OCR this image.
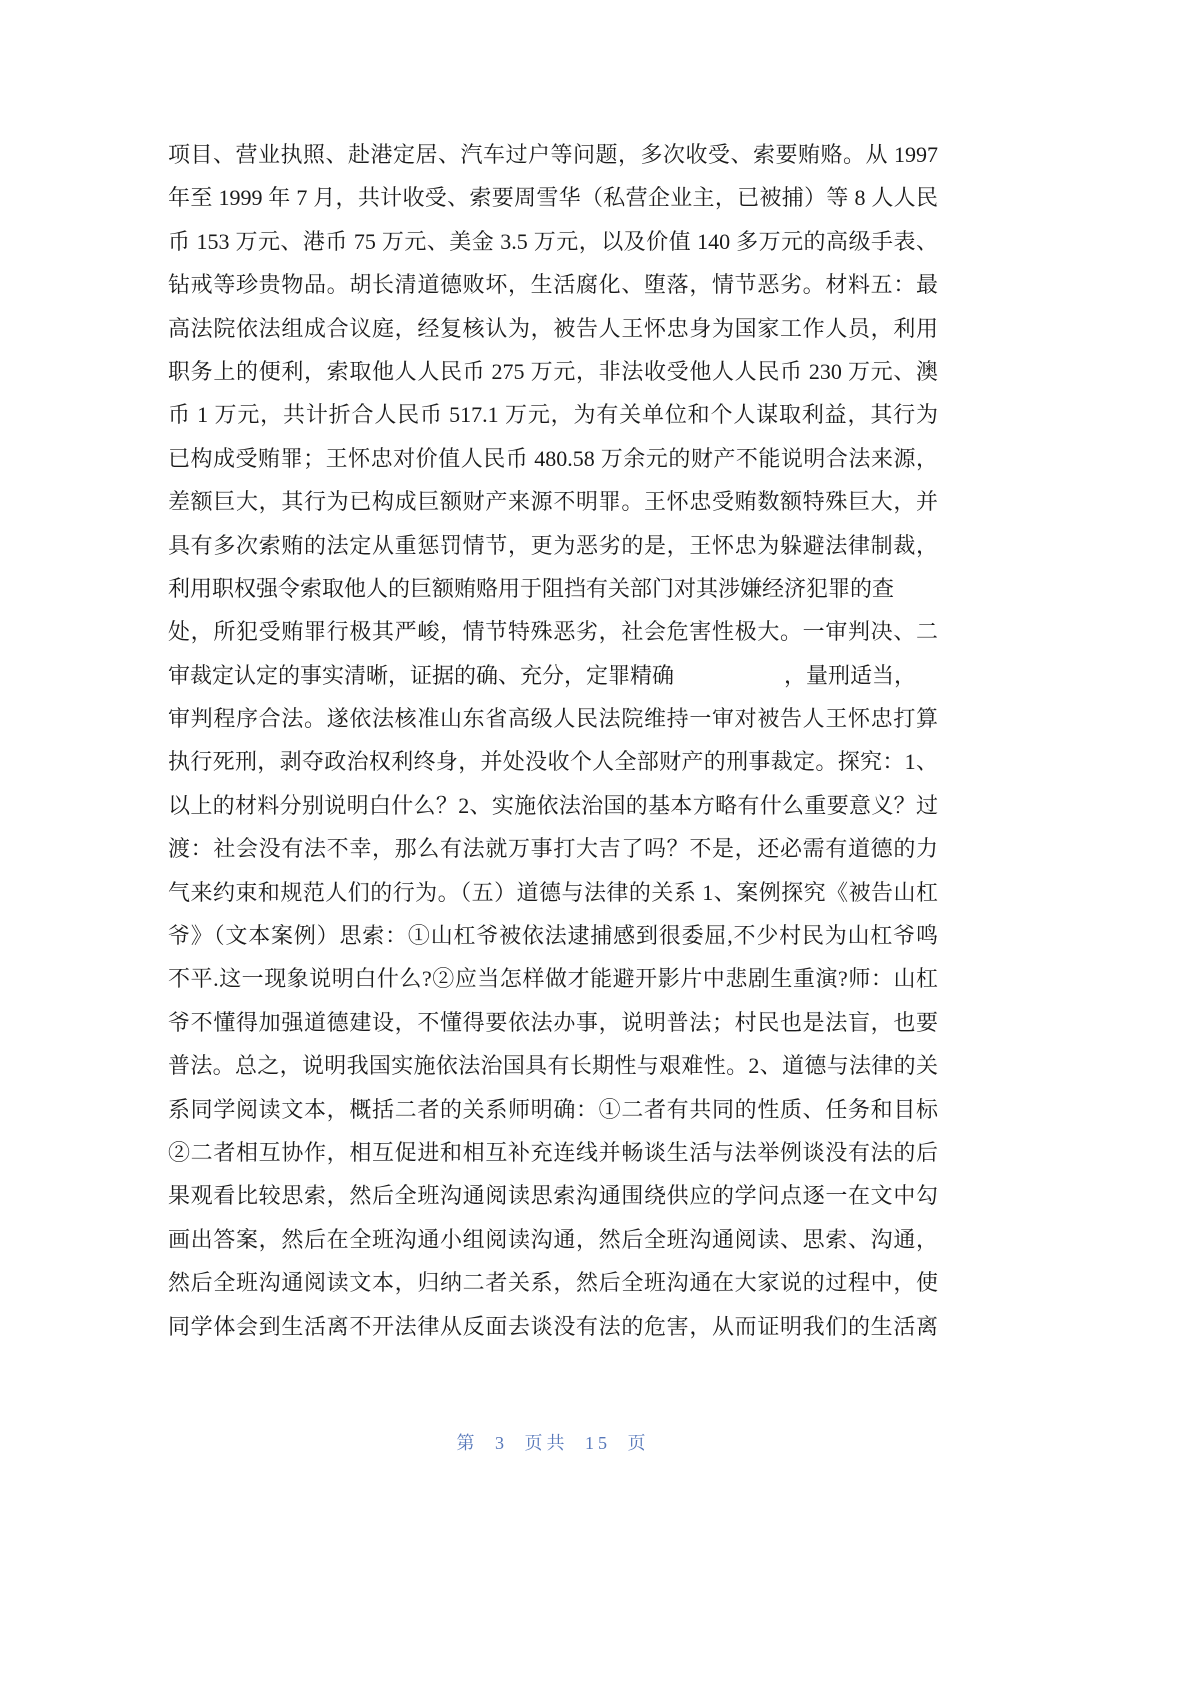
项目、营业执照、赴港定居、汽车过户等问题，多次收受、索要贿赂。从 1997
年至 1999 年 7 月，共计收受、索要周雪华（私营企业主，已被捕）等 8 人人民
币 153 万元、港币 75 万元、美金 3.5 万元，以及价值 140 多万元的高级手表、
钻戒等珍贵物品。胡长清道德败坏，生活腐化、堕落，情节恶劣。材料五：最
高法院依法组成合议庭，经复核认为，被告人王怀忠身为国家工作人员，利用
职务上的便利，索取他人人民币 275 万元，非法收受他人人民币 230 万元、澳
币 1 万元，共计折合人民币 517.1 万元，为有关单位和个人谋取利益，其行为
已构成受贿罪；王怀忠对价值人民币 480.58 万余元的财产不能说明合法来源，
差额巨大，其行为已构成巨额财产来源不明罪。王怀忠受贿数额特殊巨大，并
具有多次索贿的法定从重惩罚情节，更为恶劣的是，王怀忠为躲避法律制裁，
利用职权强令索取他人的巨额贿赂用于阻挡有关部门对其涉嫌经济犯罪的查
处，所犯受贿罪行极其严峻，情节特殊恶劣，社会危害性极大。一审判决、二
审裁定认定的事实清晰，证据的确、充分，定罪精确　　　　　，量刑适当，
审判程序合法。遂依法核准山东省高级人民法院维持一审对被告人王怀忠打算
执行死刑，剥夺政治权利终身，并处没收个人全部财产的刑事裁定。探究：1、
以上的材料分别说明白什么？2、实施依法治国的基本方略有什么重要意义？过
渡：社会没有法不幸，那么有法就万事打大吉了吗？不是，还必需有道德的力
气来约束和规范人们的行为。（五）道德与法律的关系 1、案例探究《被告山杠
爷》（文本案例）思索：①山杠爷被依法逮捕感到很委屈,不少村民为山杠爷鸣
不平.这一现象说明白什么?②应当怎样做才能避开影片中悲剧生重演?师：山杠
爷不懂得加强道德建设，不懂得要依法办事，说明普法；村民也是法盲，也要
普法。总之，说明我国实施依法治国具有长期性与艰难性。2、道德与法律的关
系同学阅读文本，概括二者的关系师明确：①二者有共同的性质、任务和目标
②二者相互协作，相互促进和相互补充连线并畅谈生活与法举例谈没有法的后
果观看比较思索，然后全班沟通阅读思索沟通围绕供应的学问点逐一在文中勾
画出答案，然后在全班沟通小组阅读沟通，然后全班沟通阅读、思索、沟通，
然后全班沟通阅读文本，归纳二者关系，然后全班沟通在大家说的过程中，使
同学体会到生活离不开法律从反面去谈没有法的危害，从而证明我们的生活离
第 3 页共 15 页
